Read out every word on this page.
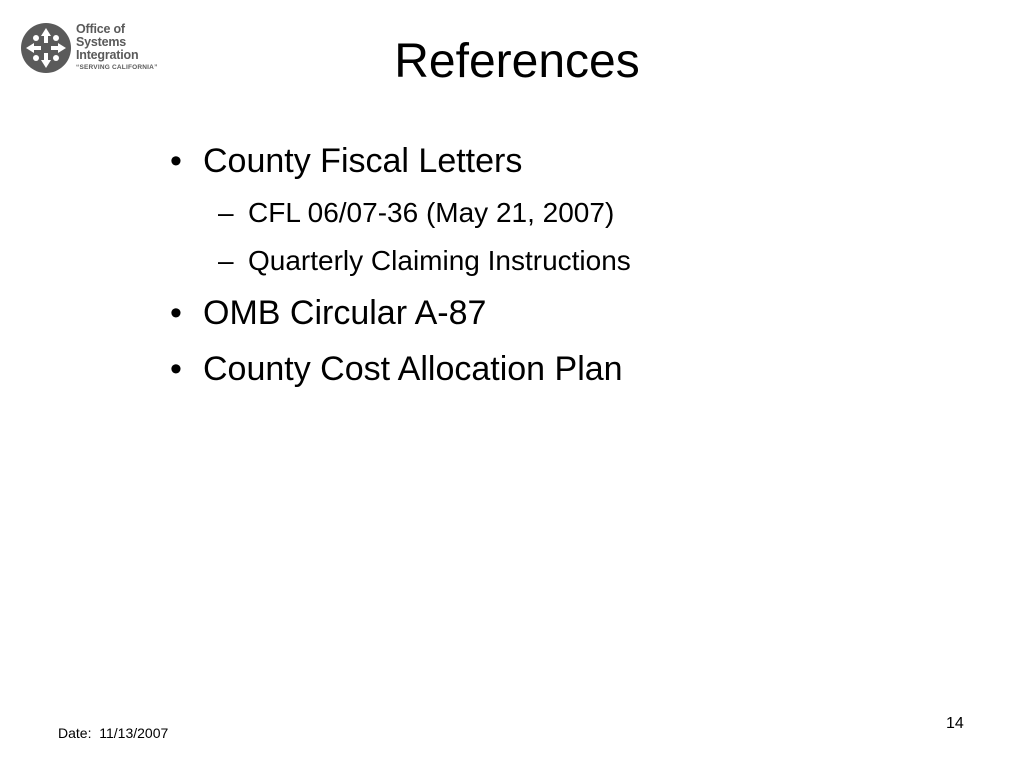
Office of
Systems
Integration
“SERVING CALIFORNIA”	References
• County Fiscal Letters
– CFL 06/07-36 (May 21, 2007)
– Quarterly Claiming Instructions
• OMB Circular A-87
• County Cost Allocation Plan
Date:  11/13/2007
14
